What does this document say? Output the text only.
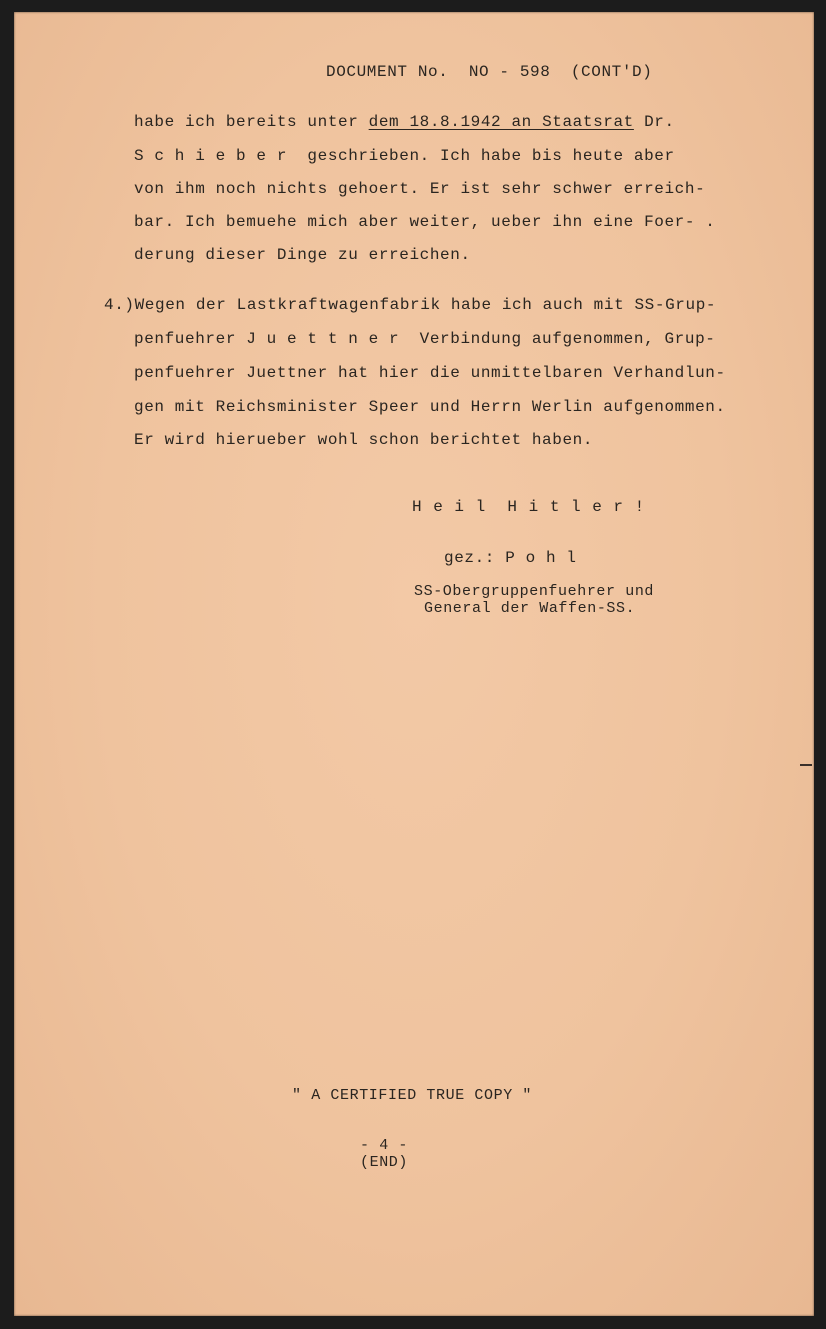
DOCUMENT No.  NO - 598  (CONT'D)
habe ich bereits unter dem 18.8.1942 an Staatsrat Dr.
S c h i e b e r  geschrieben. Ich habe bis heute aber
von ihm noch nichts gehoert. Er ist sehr schwer erreich-
bar. Ich bemuehe mich aber weiter, ueber ihn eine Foer- .
derung dieser Dinge zu erreichen.
4.)Wegen der Lastkraftwagenfabrik habe ich auch mit SS-Grup-
penfuehrer J u e t t n e r  Verbindung aufgenommen, Grup-
penfuehrer Juettner hat hier die unmittelbaren Verhandlun-
gen mit Reichsminister Speer und Herrn Werlin aufgenommen.
Er wird hierueber wohl schon berichtet haben.
H e i l  H i t l e r !
gez.: P o h l
SS-Obergruppenfuehrer und
General der Waffen-SS.
" A CERTIFIED TRUE COPY "
- 4 -
(END)
